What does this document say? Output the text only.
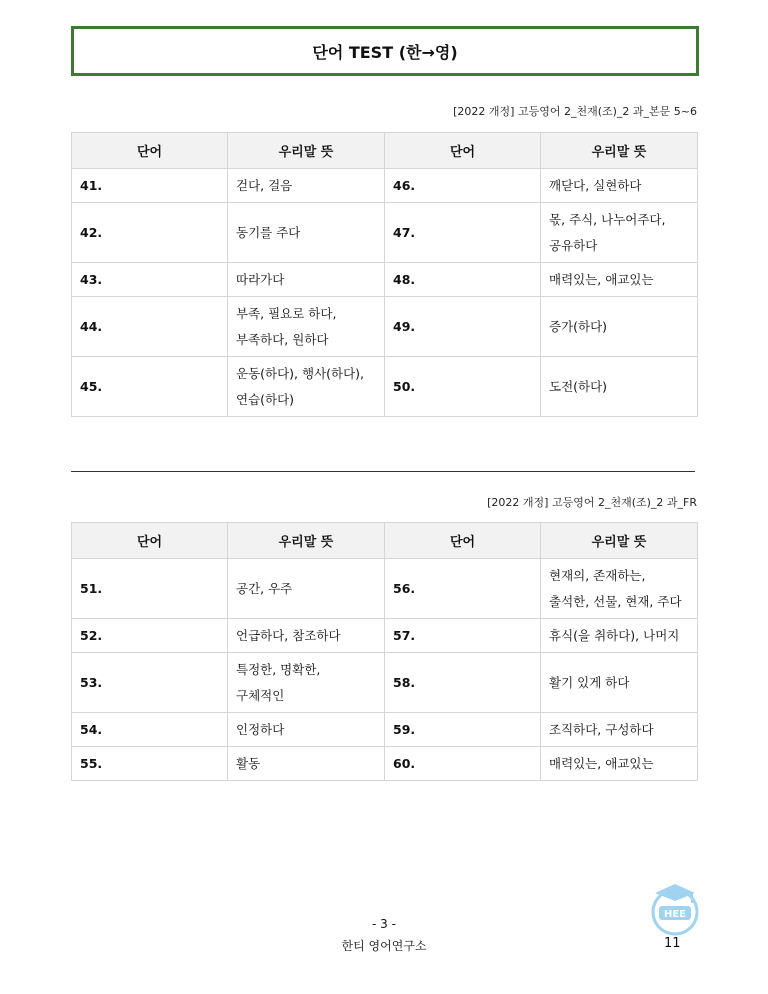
단어 TEST (한→영)
[2022 개정] 고등영어 2_천재(조)_2 과_본문 5~6
단어	우리말 뜻	단어	우리말 뜻
41.	걷다, 걸음	46.	깨닫다, 실현하다

42.	동기를 주다	47.	몫, 주식, 나누어주다,
공유하다

43.	따라가다	48.	매력있는, 애교있는

44.	부족, 필요로 하다,
부족하다, 원하다	49.	증가(하다)

45.	운동(하다), 행사(하다),
연습(하다)	50.	도전(하다)
[2022 개정] 고등영어 2_천재(조)_2 과_FR
단어	우리말 뜻	단어	우리말 뜻
51.	공간, 우주	56.	현재의, 존재하는,
출석한, 선물, 현재, 주다

52.	언급하다, 참조하다	57.	휴식(을 취하다), 나머지

53.	특정한, 명확한,
구체적인	58.	활기 있게 하다

54.	인정하다	59.	조직하다, 구성하다

55.	활동	60.	매력있는, 애교있는
HEE
- 3 -
한티 영어연구소	11
